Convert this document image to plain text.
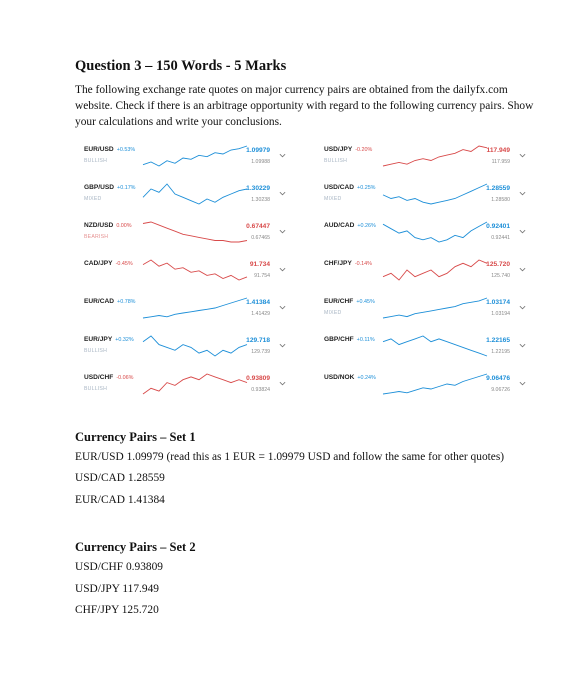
Question 3 – 150 Words - 5 Marks
The following exchange rate quotes on major currency pairs are obtained from the dailyfx.com website. Check if there is an arbitrage opportunity with regard to the following currency pairs. Show your calculations and write your conclusions.
EUR/USD +0.53%
BULLISH
1.09979
1.09988
GBP/USD +0.17%
MIXED
1.30229
1.30238
NZD/USD 0.00%
BEARISH
0.67447
0.67465
CAD/JPY -0.45%	91.734
91.754
EUR/CAD +0.78%	1.41384
1.41429
EUR/JPY +0.32%
BULLISH
129.718
129.739
USD/CHF -0.06%
BULLISH
0.93809
0.93824
USD/JPY -0.20%
BULLISH
117.949
117.959
USD/CAD +0.25%
MIXED
1.28559
1.28580
AUD/CAD +0.26%	0.92401
0.92441
CHF/JPY -0.14%	125.720
125.740
EUR/CHF +0.45%
MIXED
1.03174
1.03194
GBP/CHF +0.11%	1.22165
1.22195
USD/NOK +0.24%	9.06476
9.06726
Currency Pairs – Set 1
EUR/USD 1.09979 (read this as 1 EUR = 1.09979 USD and follow the same for other quotes)
USD/CAD 1.28559
EUR/CAD 1.41384
Currency Pairs – Set 2
USD/CHF 0.93809
USD/JPY 117.949
CHF/JPY 125.720
